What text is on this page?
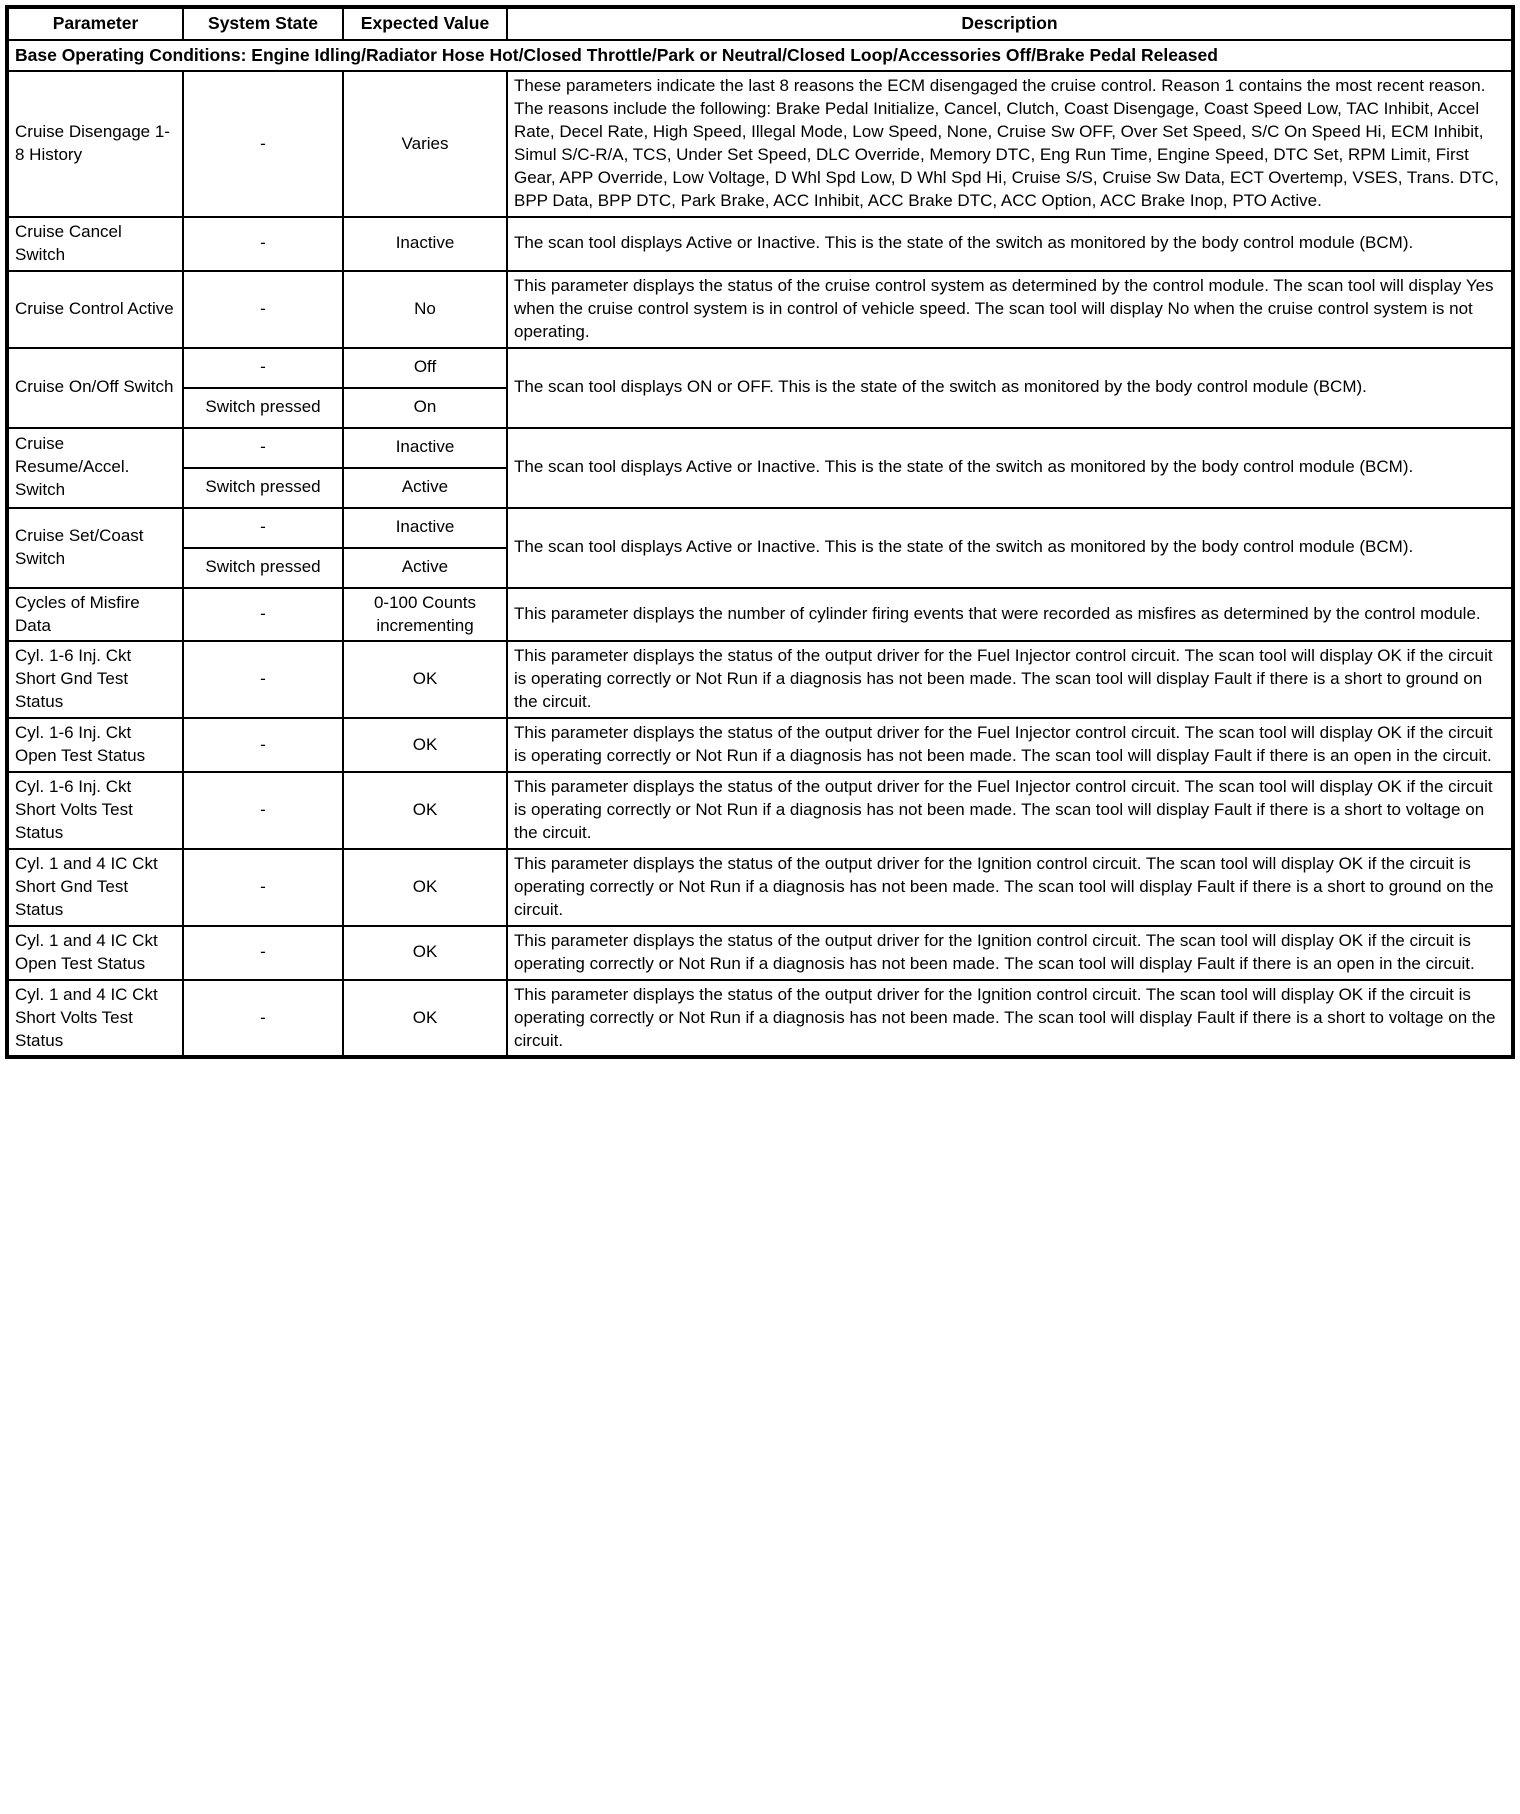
Parameter	System State	Expected Value	Description
Base Operating Conditions: Engine Idling/Radiator Hose Hot/Closed Throttle/Park or Neutral/Closed Loop/Accessories Off/Brake Pedal Released			
Cruise Disengage 1-8 History	-	Varies	These parameters indicate the last 8 reasons the ECM disengaged the cruise control. Reason 1 contains the most recent reason. The reasons include the following: Brake Pedal Initialize, Cancel, Clutch, Coast Disengage, Coast Speed Low, TAC Inhibit, Accel Rate, Decel Rate, High Speed, Illegal Mode, Low Speed, None, Cruise Sw OFF, Over Set Speed, S/C On Speed Hi, ECM Inhibit, Simul S/C-R/A, TCS, Under Set Speed, DLC Override, Memory DTC, Eng Run Time, Engine Speed, DTC Set, RPM Limit, First Gear, APP Override, Low Voltage, D Whl Spd Low, D Whl Spd Hi, Cruise S/S, Cruise Sw Data, ECT Overtemp, VSES, Trans. DTC, BPP Data, BPP DTC, Park Brake, ACC Inhibit, ACC Brake DTC, ACC Option, ACC Brake Inop, PTO Active.
Cruise Cancel Switch	-	Inactive	The scan tool displays Active or Inactive. This is the state of the switch as monitored by the body control module (BCM).
Cruise Control Active	-	No	This parameter displays the status of the cruise control system as determined by the control module. The scan tool will display Yes when the cruise control system is in control of vehicle speed. The scan tool will display No when the cruise control system is not operating.
Cruise On/Off Switch	-	Off	The scan tool displays ON or OFF. This is the state of the switch as monitored by the body control module (BCM).
	Switch pressed	On	
Cruise Resume/Accel. Switch	-	Inactive	The scan tool displays Active or Inactive. This is the state of the switch as monitored by the body control module (BCM).
	Switch pressed	Active	
Cruise Set/Coast Switch	-	Inactive	The scan tool displays Active or Inactive. This is the state of the switch as monitored by the body control module (BCM).
	Switch pressed	Active	
Cycles of Misfire Data	-	0-100 Counts incrementing	This parameter displays the number of cylinder firing events that were recorded as misfires as determined by the control module.
Cyl. 1-6 Inj. Ckt Short Gnd Test Status	-	OK	This parameter displays the status of the output driver for the Fuel Injector control circuit. The scan tool will display OK if the circuit is operating correctly or Not Run if a diagnosis has not been made. The scan tool will display Fault if there is a short to ground on the circuit.
Cyl. 1-6 Inj. Ckt Open Test Status	-	OK	This parameter displays the status of the output driver for the Fuel Injector control circuit. The scan tool will display OK if the circuit is operating correctly or Not Run if a diagnosis has not been made. The scan tool will display Fault if there is an open in the circuit.
Cyl. 1-6 Inj. Ckt Short Volts Test Status	-	OK	This parameter displays the status of the output driver for the Fuel Injector control circuit. The scan tool will display OK if the circuit is operating correctly or Not Run if a diagnosis has not been made. The scan tool will display Fault if there is a short to voltage on the circuit.
Cyl. 1 and 4 IC Ckt Short Gnd Test Status	-	OK	This parameter displays the status of the output driver for the Ignition control circuit. The scan tool will display OK if the circuit is operating correctly or Not Run if a diagnosis has not been made. The scan tool will display Fault if there is a short to ground on the circuit.
Cyl. 1 and 4 IC Ckt Open Test Status	-	OK	This parameter displays the status of the output driver for the Ignition control circuit. The scan tool will display OK if the circuit is operating correctly or Not Run if a diagnosis has not been made. The scan tool will display Fault if there is an open in the circuit.
Cyl. 1 and 4 IC Ckt Short Volts Test Status	-	OK	This parameter displays the status of the output driver for the Ignition control circuit. The scan tool will display OK if the circuit is operating correctly or Not Run if a diagnosis has not been made. The scan tool will display Fault if there is a short to voltage on the circuit.
